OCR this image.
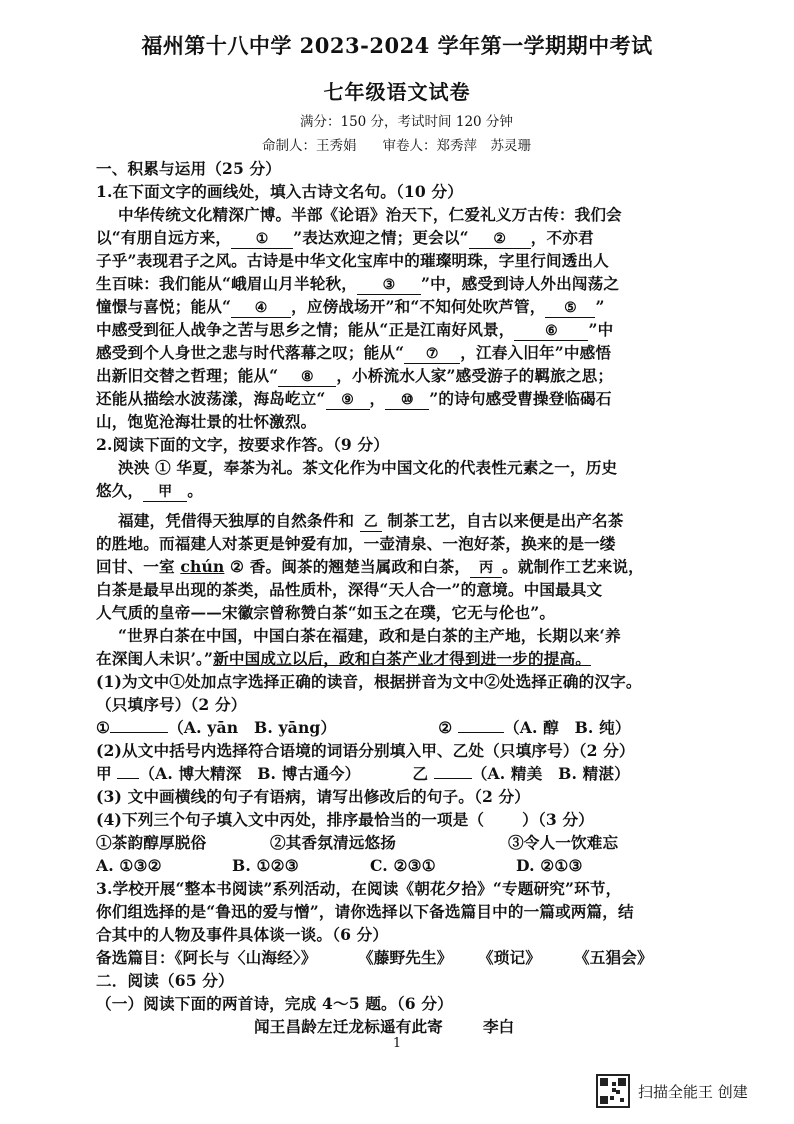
福州第十八中学 2023-2024 学年第一学期期中考试
七年级语文试卷
满分：150 分，考试时间 120 分钟
命制人：王秀娟 审卷人：郑秀萍　苏灵珊
一、积累与运用（25 分）
1.在下面文字的画线处，填入古诗文名句。（10 分）
中华传统文化精深广博。半部《论语》治天下，仁爱礼义万古传：我们会
以“有朋自远方来， ① ”表达欢迎之情；更会以“ ② ，不亦君
子乎”表现君子之风。古诗是中华文化宝库中的璀璨明珠，字里行间透出人
生百味：我们能从“峨眉山月半轮秋， ③ ”中，感受到诗人外出闯荡之
憧憬与喜悦；能从“ ④ ，应傍战场开”和“不知何处吹芦管， ⑤ ”
中感受到征人战争之苦与思乡之情；能从“正是江南好风景， ⑥ ”中
感受到个人身世之悲与时代落幕之叹；能从“ ⑦ ，江春入旧年”中感悟
出新旧交替之哲理；能从“ ⑧ ，小桥流水人家”感受游子的羁旅之思；
还能从描绘水波荡漾，海岛屹立“ ⑨ ， ⑩ ”的诗句感受曹操登临碣石
山，饱览沧海壮景的壮怀激烈。
2.阅读下面的文字，按要求作答。（9 分）
泱泱 ① 华夏，奉茶为礼。茶文化作为中国文化的代表性元素之一，历史
悠久， 甲 。
福建，凭借得天独厚的自然条件和 乙 制茶工艺，自古以来便是出产名茶
的胜地。而福建人对茶更是钟爱有加，一壶清泉、一泡好茶，换来的是一缕
回甘、一室 chún ② 香。闽茶的翘楚当属政和白茶， 丙 。就制作工艺来说，
白茶是最早出现的茶类，品性质朴，深得“天人合一”的意境。中国最具文
人气质的皇帝——宋徽宗曾称赞白茶“如玉之在璞，它无与伦也”。
“世界白茶在中国，中国白茶在福建，政和是白茶的主产地，长期以来‘养
在深闺人未识’。”新中国成立以后，政和白茶产业才得到进一步的提高。
(1)为文中①处加点字选择正确的读音，根据拼音为文中②处选择正确的汉字。
（只填序号）（2 分）
①	（A. yān　B. yāng）	②	（A. 醇　B. 纯）
(2)从文中括号内选择符合语境的词语分别填入甲、乙处（只填序号）（2 分）
甲 （A. 博大精深　B. 博古通今）	乙	（A. 精美　B. 精湛）
(3) 文中画横线的句子有语病，请写出修改后的句子。（2 分）
(4)下列三个句子填入文中丙处，排序最恰当的一项是（ ）（3 分）
①茶韵醇厚脱俗	②其香氛清远悠扬	③令人一饮难忘
A. ①③②	B. ①②③	C. ②③①	D. ②①③
3.学校开展“整本书阅读”系列活动，在阅读《朝花夕拾》“专题研究”环节，
你们组选择的是“鲁迅的爱与憎”，请你选择以下备选篇目中的一篇或两篇，结
合其中的人物及事件具体谈一谈。（6 分）
备选篇目：《阿长与〈山海经〉》	《藤野先生》 《琐记》 《五猖会》
二．阅读（65 分）
（一）阅读下面的两首诗，完成 4～5 题。（6 分）
闻王昌龄左迁龙标遥有此寄	李白
1
扫描全能王 创建
